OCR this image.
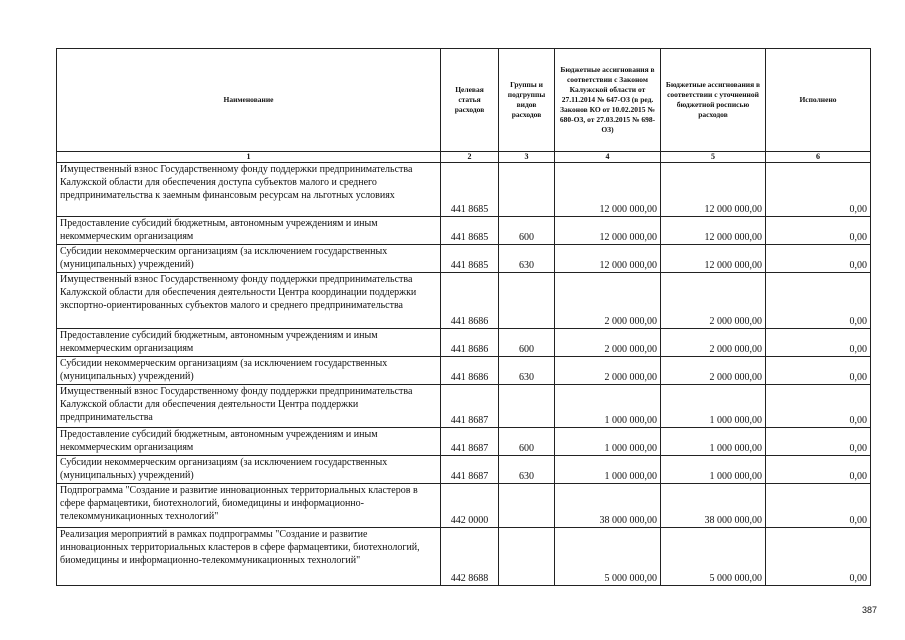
Наименование	Целевая статья расходов	Группы и подгруппы видов расходов	Бюджетные ассигнования в соответствии с Законом Калужской области от 27.11.2014 № 647-ОЗ (в ред. Законов КО от 10.02.2015 № 680-ОЗ, от 27.03.2015 № 698-ОЗ)	Бюджетные ассигнования в соответствии с уточненной бюджетной росписью расходов	Исполнено
1	2	3	4	5	6
Имущественный взнос Государственному фонду поддержки предпринимательства Калужской области для обеспечения доступа субъектов малого и среднего предпринимательства к заемным финансовым ресурсам на льготных условиях	441 8685		12 000 000,00	12 000 000,00	0,00
Предоставление субсидий бюджетным, автономным учреждениям и иным некоммерческим организациям	441 8685	600	12 000 000,00	12 000 000,00	0,00
Субсидии некоммерческим организациям (за исключением государственных (муниципальных) учреждений)	441 8685	630	12 000 000,00	12 000 000,00	0,00
Имущественный взнос Государственному фонду поддержки предпринимательства Калужской области для обеспечения деятельности Центра координации поддержки экспортно-ориентированных субъектов малого и среднего предпринимательства	441 8686		2 000 000,00	2 000 000,00	0,00
Предоставление субсидий бюджетным, автономным учреждениям и иным некоммерческим организациям	441 8686	600	2 000 000,00	2 000 000,00	0,00
Субсидии некоммерческим организациям (за исключением государственных (муниципальных) учреждений)	441 8686	630	2 000 000,00	2 000 000,00	0,00
Имущественный взнос Государственному фонду поддержки предпринимательства Калужской области для обеспечения деятельности Центра поддержки предпринимательства	441 8687		1 000 000,00	1 000 000,00	0,00
Предоставление субсидий бюджетным, автономным учреждениям и иным некоммерческим организациям	441 8687	600	1 000 000,00	1 000 000,00	0,00
Субсидии некоммерческим организациям (за исключением государственных (муниципальных) учреждений)	441 8687	630	1 000 000,00	1 000 000,00	0,00
Подпрограмма "Создание и развитие инновационных территориальных кластеров в сфере фармацевтики, биотехнологий, биомедицины и информационно-телекоммуникационных технологий"	442 0000		38 000 000,00	38 000 000,00	0,00
Реализация мероприятий в рамках подпрограммы "Создание и развитие инновационных территориальных кластеров в сфере фармацевтики, биотехнологий, биомедицины и информационно-телекоммуникационных технологий"	442 8688		5 000 000,00	5 000 000,00	0,00
387
